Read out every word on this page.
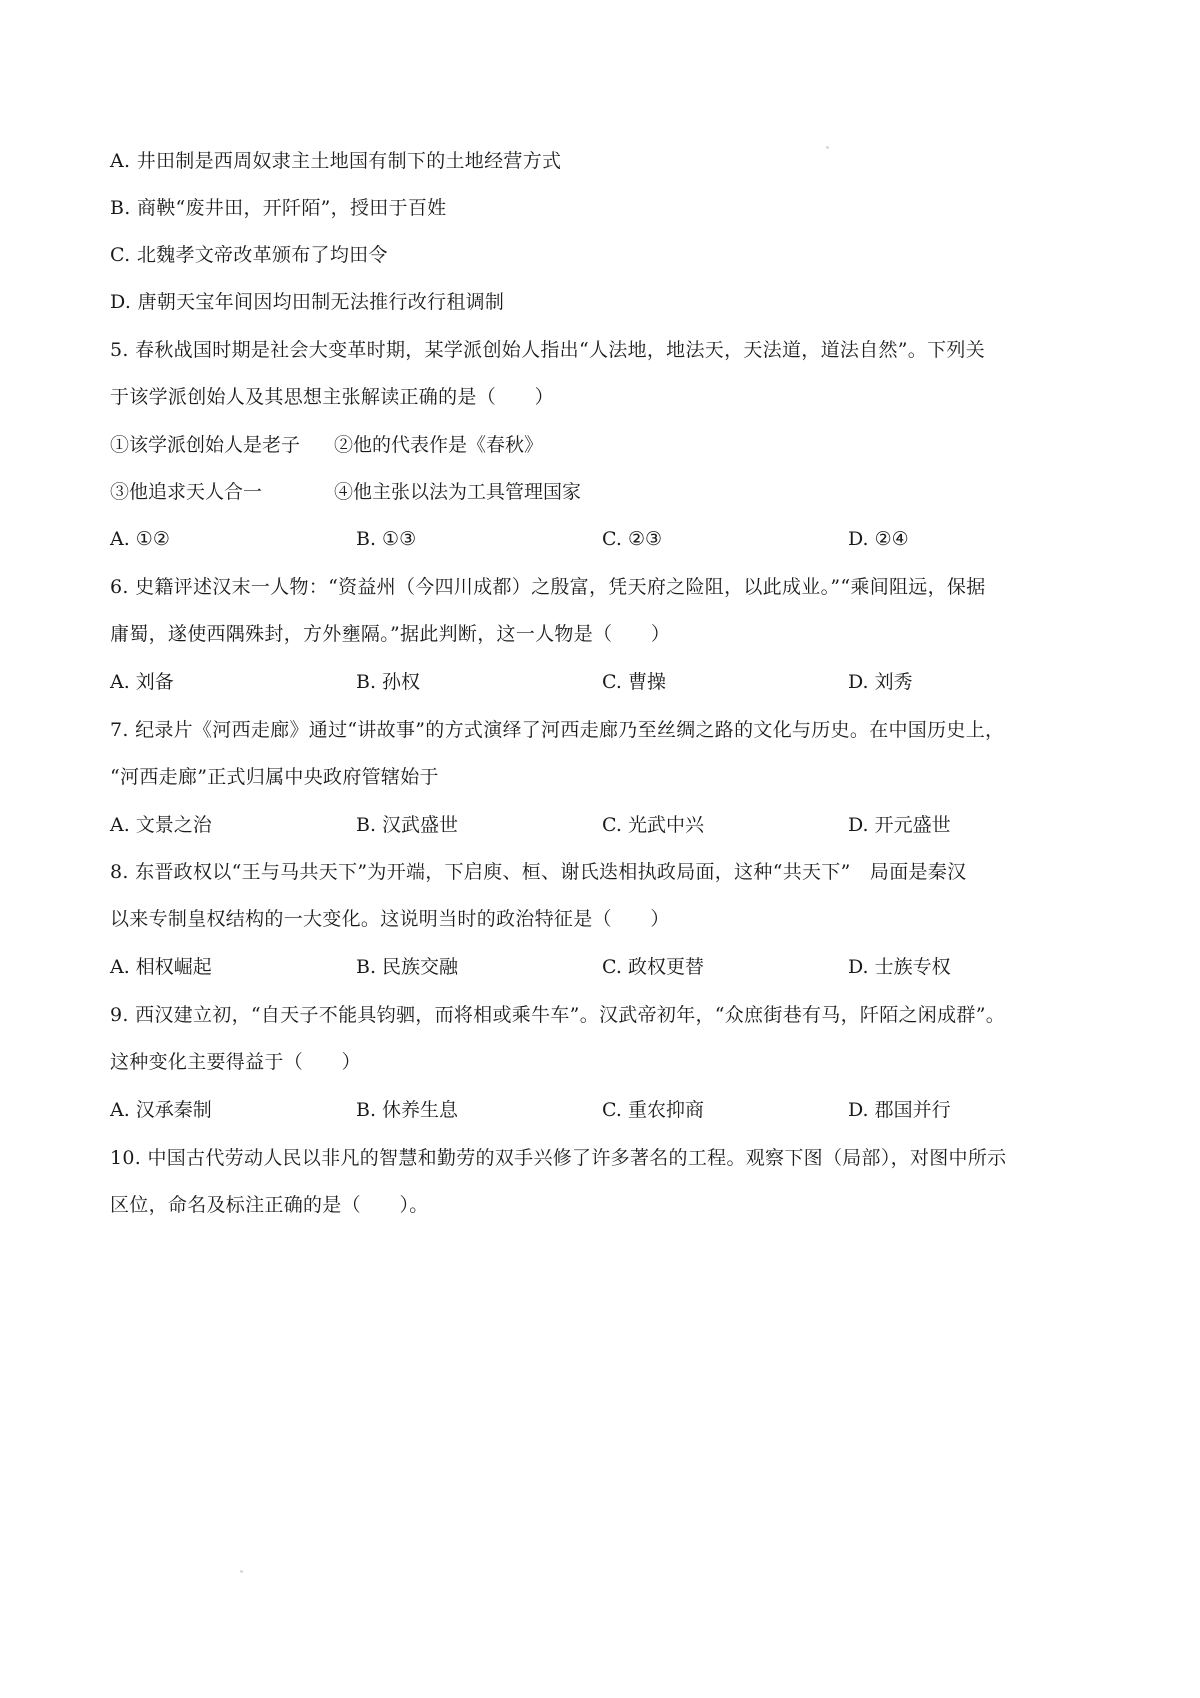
A. 井田制是西周奴隶主土地国有制下的土地经营方式
B. 商鞅“废井田，开阡陌”，授田于百姓
C. 北魏孝文帝改革颁布了均田令
D. 唐朝天宝年间因均田制无法推行改行租调制
5. 春秋战国时期是社会大变革时期，某学派创始人指出“人法地，地法天，天法道，道法自然”。下列关
于该学派创始人及其思想主张解读正确的是（　　）
①该学派创始人是老子 ②他的代表作是《春秋》
③他追求天人合一	④他主张以法为工具管理国家
A. ①②	B. ①③	C. ②③	D. ②④
6. 史籍评述汉末一人物：“资益州（今四川成都）之殷富，凭天府之险阻，以此成业。”“乘间阻远，保据
庸蜀，遂使西隅殊封，方外壅隔。”据此判断，这一人物是（　　）
A. 刘备	B. 孙权	C. 曹操	D. 刘秀
7. 纪录片《河西走廊》通过“讲故事”的方式演绎了河西走廊乃至丝绸之路的文化与历史。在中国历史上，
“河西走廊”正式归属中央政府管辖始于
A. 文景之治	B. 汉武盛世	C. 光武中兴	D. 开元盛世
8. 东晋政权以“王与马共天下”为开端，下启庾、桓、谢氏迭相执政局面，这种“共天下”　局面是秦汉
以来专制皇权结构的一大变化。这说明当时的政治特征是（　　）
A. 相权崛起	B. 民族交融	C. 政权更替	D. 士族专权
9. 西汉建立初，“自天子不能具钧驷，而将相或乘牛车”。汉武帝初年，“众庶街巷有马，阡陌之闲成群”。
这种变化主要得益于（　　）
A. 汉承秦制	B. 休养生息	C. 重农抑商	D. 郡国并行
10. 中国古代劳动人民以非凡的智慧和勤劳的双手兴修了许多著名的工程。观察下图（局部），对图中所示
区位，命名及标注正确的是（　　）。
